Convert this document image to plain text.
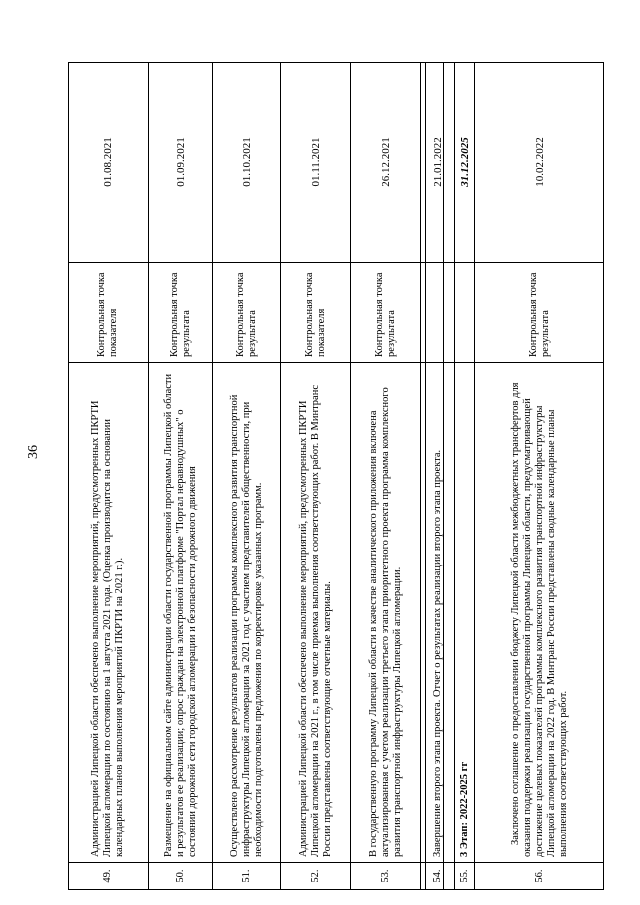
36
01.08.2021
Контрольная точка показателя
Администрацией Липецкой области обеспечено выполнение мероприятий, предусмотренных ПКРТИ Липецкой агломерации по состоянию на 1 августа 2021 года. (Оценка производится на основании календарных планов выполнения мероприятий ПКРТИ на 2021 г.).
49.
01.09.2021
Контрольная точка результата
Размещение на официальном сайте администрации области государственной программы Липецкой области и результатов ее реализации; опрос граждан на электронной платформе "Портал неравнодушных" о состоянии дорожной сети городской агломерации и безопасности дорожного движения
50.
01.10.2021
Контрольная точка результата
Осуществлено рассмотрение результатов реализации программы комплексного развития транспортной инфраструктуры Липецкой агломерации за 2021 год с участием представителей общественности, при необходимости подготовлены предложения по корректировке указанных программ.
51.
01.11.2021
Контрольная точка показателя
Администрацией Липецкой области обеспечено выполнение мероприятий, предусмотренных ПКРТИ Липецкой агломерации на 2021 г., в том числе приемка выполнения соответствующих работ. В Минтранс России представлены соответствующие отчетные материалы.
52.
26.12.2021
Контрольная точка результата
В государственную программу Липецкой области в качестве аналитического приложения включена актуализированная с учетом реализации третьего этапа приоритетного проекта программа комплексного развития транспортной инфраструктуры Липецкой агломерации.
53.
21.01.2022
Завершение второго этапа проекта. Отчет о результатах реализации второго этапа проекта.
54.
31.12.2025
3 Этап: 2022-2025 гг
55.
10.02.2022
Контрольная точка результата
Заключено соглашение о предоставлении бюджету Липецкой области межбюджетных трансфертов для оказания поддержки реализации государственной программы Липецкой области, предусматривающей достижение целевых показателей программы комплексного развития транспортной инфраструктуры Липецкой агломерации на 2022 год. В Минтранс России представлены сводные календарные планы выполнения соответствующих работ.
56.
